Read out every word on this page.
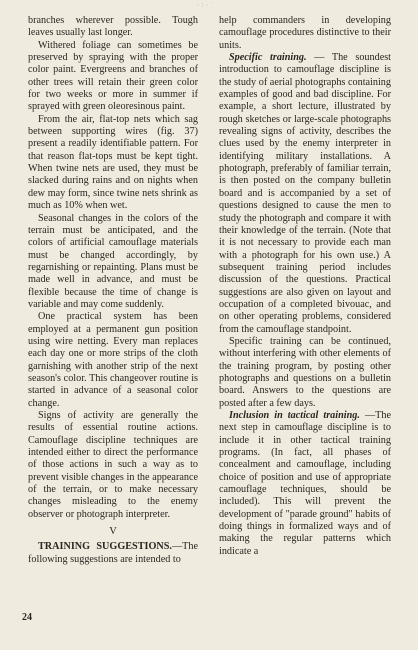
·꞉·˙

branches wherever possible. Tough leaves usually last longer.

Withered foliage can sometimes be preserved by spraying with the proper color paint. Evergreens and branches of other trees will retain their green color for two weeks or more in summer if sprayed with green oleoresinous paint.

From the air, flat-top nets which sag between supporting wires (fig. 37) present a readily identifiable pattern. For that reason flat-tops must be kept tight. When twine nets are used, they must be slacked during rains and on nights when dew may form, since twine nets shrink as much as 10% when wet.

Seasonal changes in the colors of the terrain must be anticipated, and the colors of artificial camouflage materials must be changed accordingly, by regarnishing or repainting. Plans must be made well in advance, and must be flexible because the time of change is variable and may come suddenly.

One practical system has been employed at a permanent gun position using wire netting. Every man replaces each day one or more strips of the cloth garnishing with another strip of the next season's color. This changeover routine is started in advance of a seasonal color change.

Signs of activity are generally the results of essential routine actions. Camouflage discipline techniques are intended either to direct the performance of those actions in such a way as to prevent visible changes in the appearance of the terrain, or to make necessary changes misleading to the enemy observer or photograph interpreter.

V

TRAINING SUGGESTIONS.—The following suggestions are intended to

help commanders in developing camouflage procedures distinctive to their units.

Specific training. — The soundest introduction to camouflage discipline is the study of aerial photographs containing examples of good and bad discipline. For example, a short lecture, illustrated by rough sketches or large-scale photographs revealing signs of activity, describes the clues used by the enemy interpreter in identifying military installations. A photograph, preferably of familiar terrain, is then posted on the company bulletin board and is accompanied by a set of questions designed to cause the men to study the photograph and compare it with their knowledge of the terrain. (Note that it is not necessary to provide each man with a photograph for his own use.) A subsequent training period includes discussion of the questions. Practical suggestions are also given on layout and occupation of a completed bivouac, and on other operating problems, considered from the camouflage standpoint.

Specific training can be continued, without interfering with other elements of the training program, by posting other photographs and questions on a bulletin board. Answers to the questions are posted after a few days.

Inclusion in tactical training. —The next step in camouflage discipline is to include it in other tactical training programs. (In fact, all phases of concealment and camouflage, including choice of position and use of appropriate camouflage techniques, should be included). This will prevent the development of "parade ground" habits of doing things in formalized ways and of making the regular patterns which indicate a

24
